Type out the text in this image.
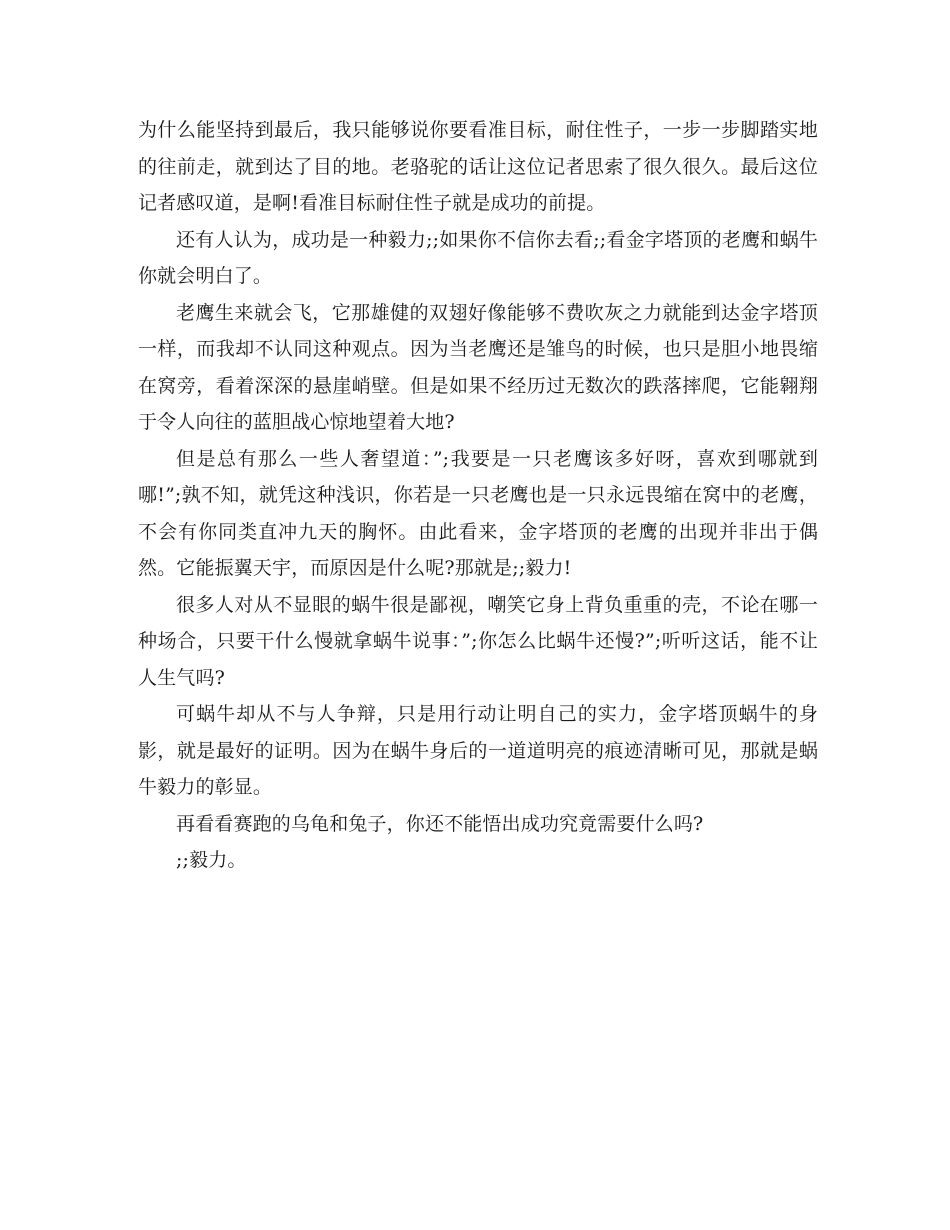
为什么能坚持到最后，我只能够说你要看准目标，耐住性子，一步一步脚踏实地的往前走，就到达了目的地。老骆驼的话让这位记者思索了很久很久。最后这位记者感叹道，是啊!看准目标耐住性子就是成功的前提。

还有人认为，成功是一种毅力;;如果你不信你去看;;看金字塔顶的老鹰和蜗牛你就会明白了。

老鹰生来就会飞，它那雄健的双翅好像能够不费吹灰之力就能到达金字塔顶一样，而我却不认同这种观点。因为当老鹰还是雏鸟的时候，也只是胆小地畏缩在窝旁，看着深深的悬崖峭壁。但是如果不经历过无数次的跌落摔爬，它能翱翔于令人向往的蓝胆战心惊地望着大地?

但是总有那么一些人奢望道：”;我要是一只老鹰该多好呀，喜欢到哪就到哪!”;孰不知，就凭这种浅识，你若是一只老鹰也是一只永远畏缩在窝中的老鹰，不会有你同类直冲九天的胸怀。由此看来，金字塔顶的老鹰的出现并非出于偶然。它能振翼天宇，而原因是什么呢?那就是;;毅力!

很多人对从不显眼的蜗牛很是鄙视，嘲笑它身上背负重重的壳，不论在哪一种场合，只要干什么慢就拿蜗牛说事：”;你怎么比蜗牛还慢?”;听听这话，能不让人生气吗?

可蜗牛却从不与人争辩，只是用行动让明自己的实力，金字塔顶蜗牛的身影，就是最好的证明。因为在蜗牛身后的一道道明亮的痕迹清晰可见，那就是蜗牛毅力的彰显。

再看看赛跑的乌龟和兔子，你还不能悟出成功究竟需要什么吗?

;;毅力。
